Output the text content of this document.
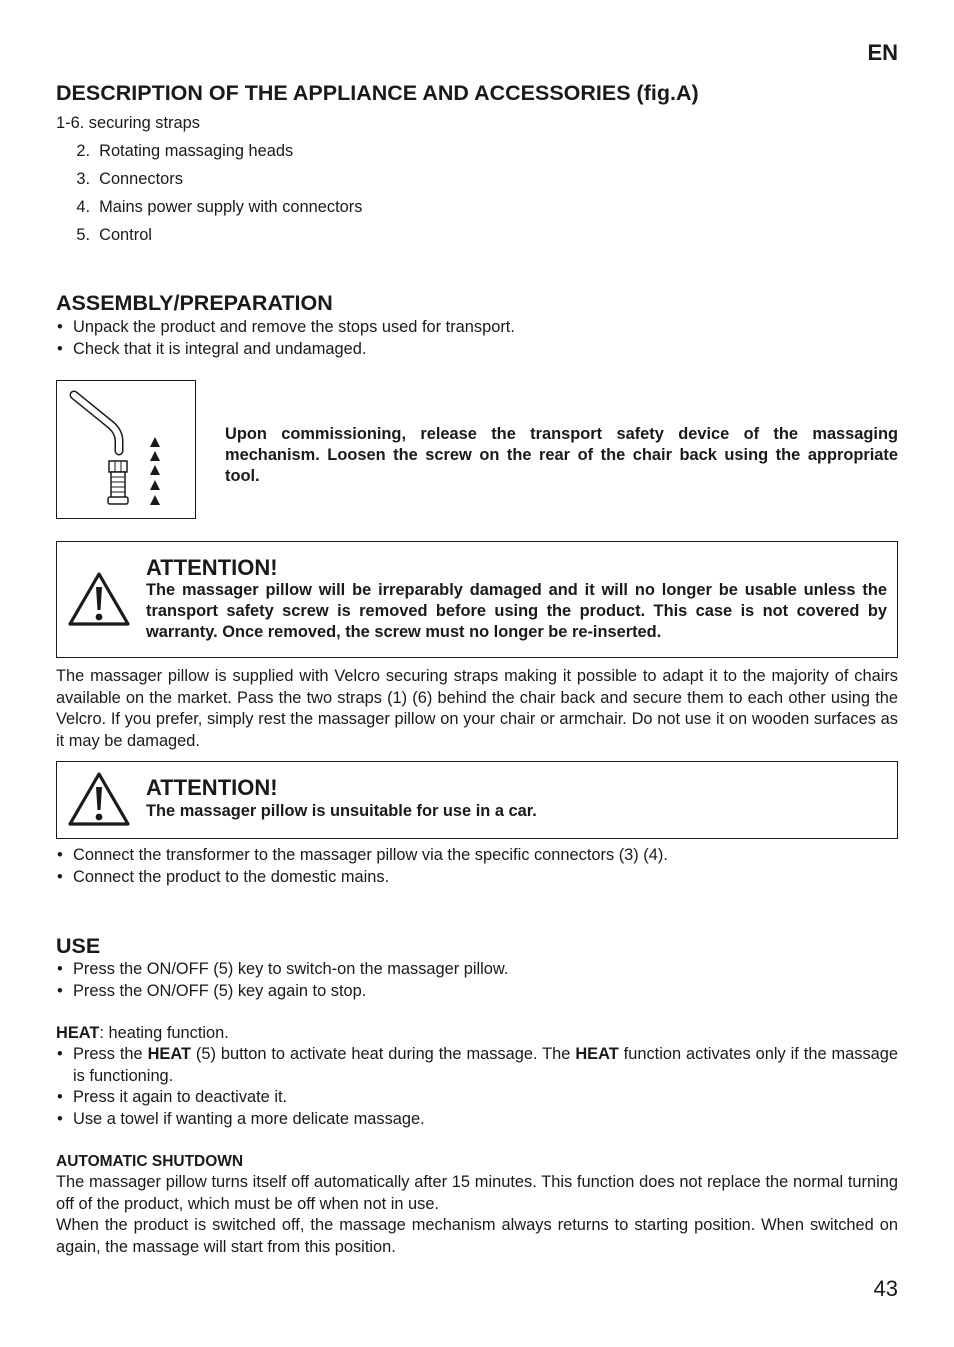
EN
DESCRIPTION OF THE APPLIANCE AND ACCESSORIES (fig.A)
1-6. securing straps
2. Rotating massaging heads
3. Connectors
4. Mains power supply with connectors
5. Control
ASSEMBLY/PREPARATION
• Unpack the product and remove the stops used for transport.
• Check that it is integral and undamaged.
Upon commissioning, release the transport safety device of the massaging mechanism. Loosen the screw on the rear of the chair back using the appropriate tool.
ATTENTION!
The massager pillow will be irreparably damaged and it will no longer be usable unless the transport safety screw is removed before using the product. This case is not covered by warranty. Once removed, the screw must no longer be re-inserted.
The massager pillow is supplied with Velcro securing straps making it possible to adapt it to the majority of chairs available on the market. Pass the two straps (1) (6) behind the chair back and secure them to each other using the Velcro. If you prefer, simply rest the massager pillow on your chair or armchair. Do not use it on wooden surfaces as it may be damaged.
ATTENTION!
The massager pillow is unsuitable for use in a car.
• Connect the transformer to the massager pillow via the specific connectors (3) (4).
• Connect the product to the domestic mains.
USE
• Press the ON/OFF (5) key to switch-on the massager pillow.
• Press the ON/OFF (5) key again to stop.
HEAT: heating function.
• Press the HEAT (5) button to activate heat during the massage. The HEAT function activates only if the massage is functioning.
• Press it again to deactivate it.
• Use a towel if wanting a more delicate massage.
AUTOMATIC SHUTDOWN
The massager pillow turns itself off automatically after 15 minutes. This function does not replace the normal turning off of the product, which must be off when not in use.
When the product is switched off, the massage mechanism always returns to starting position. When switched on again, the massage will start from this position.
43
